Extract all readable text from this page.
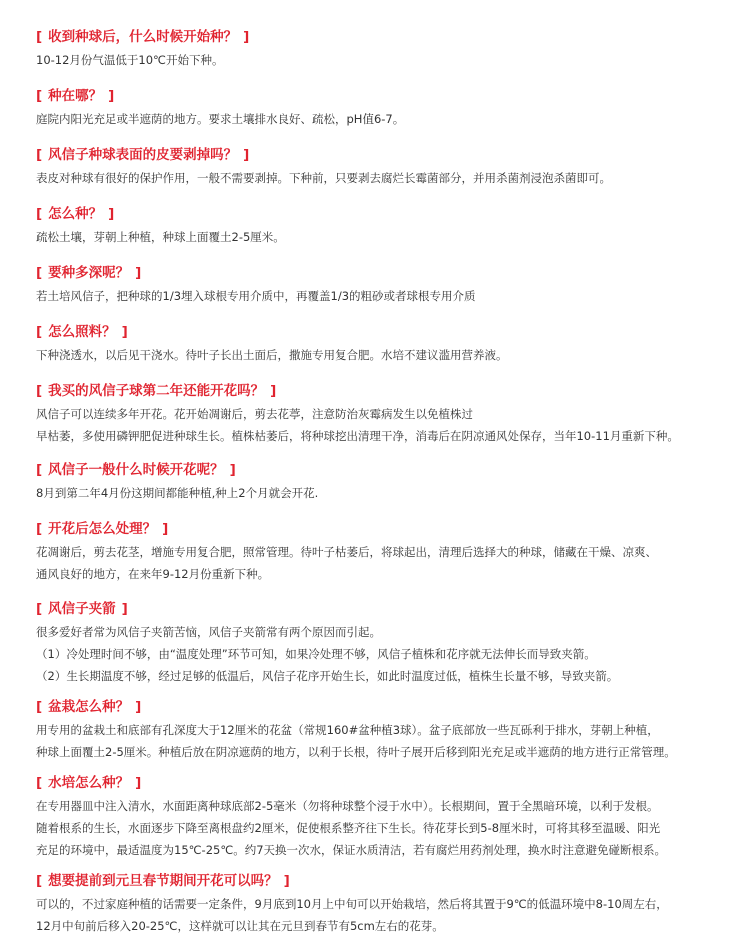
[ 收到种球后，什么时候开始种？ ]
10-12月份气温低于10℃开始下种。
[ 种在哪？ ]
庭院内阳光充足或半遮荫的地方。要求土壤排水良好、疏松，pH值6-7。
[ 风信子种球表面的皮要剥掉吗？ ]
表皮对种球有很好的保护作用，一般不需要剥掉。下种前，只要剥去腐烂长霉菌部分，并用杀菌剂浸泡杀菌即可。
[ 怎么种？ ]
疏松土壤，芽朝上种植，种球上面覆土2-5厘米。
[ 要种多深呢？ ]
若土培风信子，把种球的1/3埋入球根专用介质中，再覆盖1/3的粗砂或者球根专用介质
[ 怎么照料？ ]
下种浇透水，以后见干浇水。待叶子长出土面后，撒施专用复合肥。水培不建议滥用营养液。
[ 我买的风信子球第二年还能开花吗？ ]
风信子可以连续多年开花。花开始凋谢后，剪去花葶，注意防治灰霉病发生以免植株过
早枯萎，多使用磷钾肥促进种球生长。植株枯萎后，将种球挖出清理干净，消毒后在阴凉通风处保存，当年10-11月重新下种。
[ 风信子一般什么时候开花呢？ ]
8月到第二年4月份这期间都能种植,种上2个月就会开花.
[ 开花后怎么处理？ ]
花凋谢后，剪去花茎，增施专用复合肥，照常管理。待叶子枯萎后，将球起出，清理后选择大的种球，储藏在干燥、凉爽、
通风良好的地方，在来年9-12月份重新下种。
[ 风信子夹箭 ]
很多爱好者常为风信子夹箭苦恼，风信子夹箭常有两个原因而引起。
（1）冷处理时间不够，由“温度处理”环节可知，如果冷处理不够，风信子植株和花序就无法伸长而导致夹箭。
（2）生长期温度不够，经过足够的低温后，风信子花序开始生长，如此时温度过低，植株生长量不够，导致夹箭。
[ 盆栽怎么种？ ]
用专用的盆栽土和底部有孔深度大于12厘米的花盆（常规160#盆种植3球）。盆子底部放一些瓦砾利于排水，芽朝上种植，
种球上面覆土2-5厘米。种植后放在阴凉遮荫的地方，以利于长根，待叶子展开后移到阳光充足或半遮荫的地方进行正常管理。
[ 水培怎么种？ ]
在专用器皿中注入清水，水面距离种球底部2-5毫米（勿将种球整个浸于水中）。长根期间，置于全黑暗环境，以利于发根。
随着根系的生长，水面逐步下降至离根盘约2厘米，促使根系整齐往下生长。待花芽长到5-8厘米时，可将其移至温暖、阳光
充足的环境中，最适温度为15℃-25℃。约7天换一次水，保证水质清洁，若有腐烂用药剂处理，换水时注意避免碰断根系。
[ 想要提前到元旦春节期间开花可以吗？ ]
可以的，不过家庭种植的话需要一定条件，9月底到10月上中旬可以开始栽培，然后将其置于9℃的低温环境中8-10周左右，
12月中旬前后移入20-25℃，这样就可以让其在元旦到春节有5cm左右的花芽。
